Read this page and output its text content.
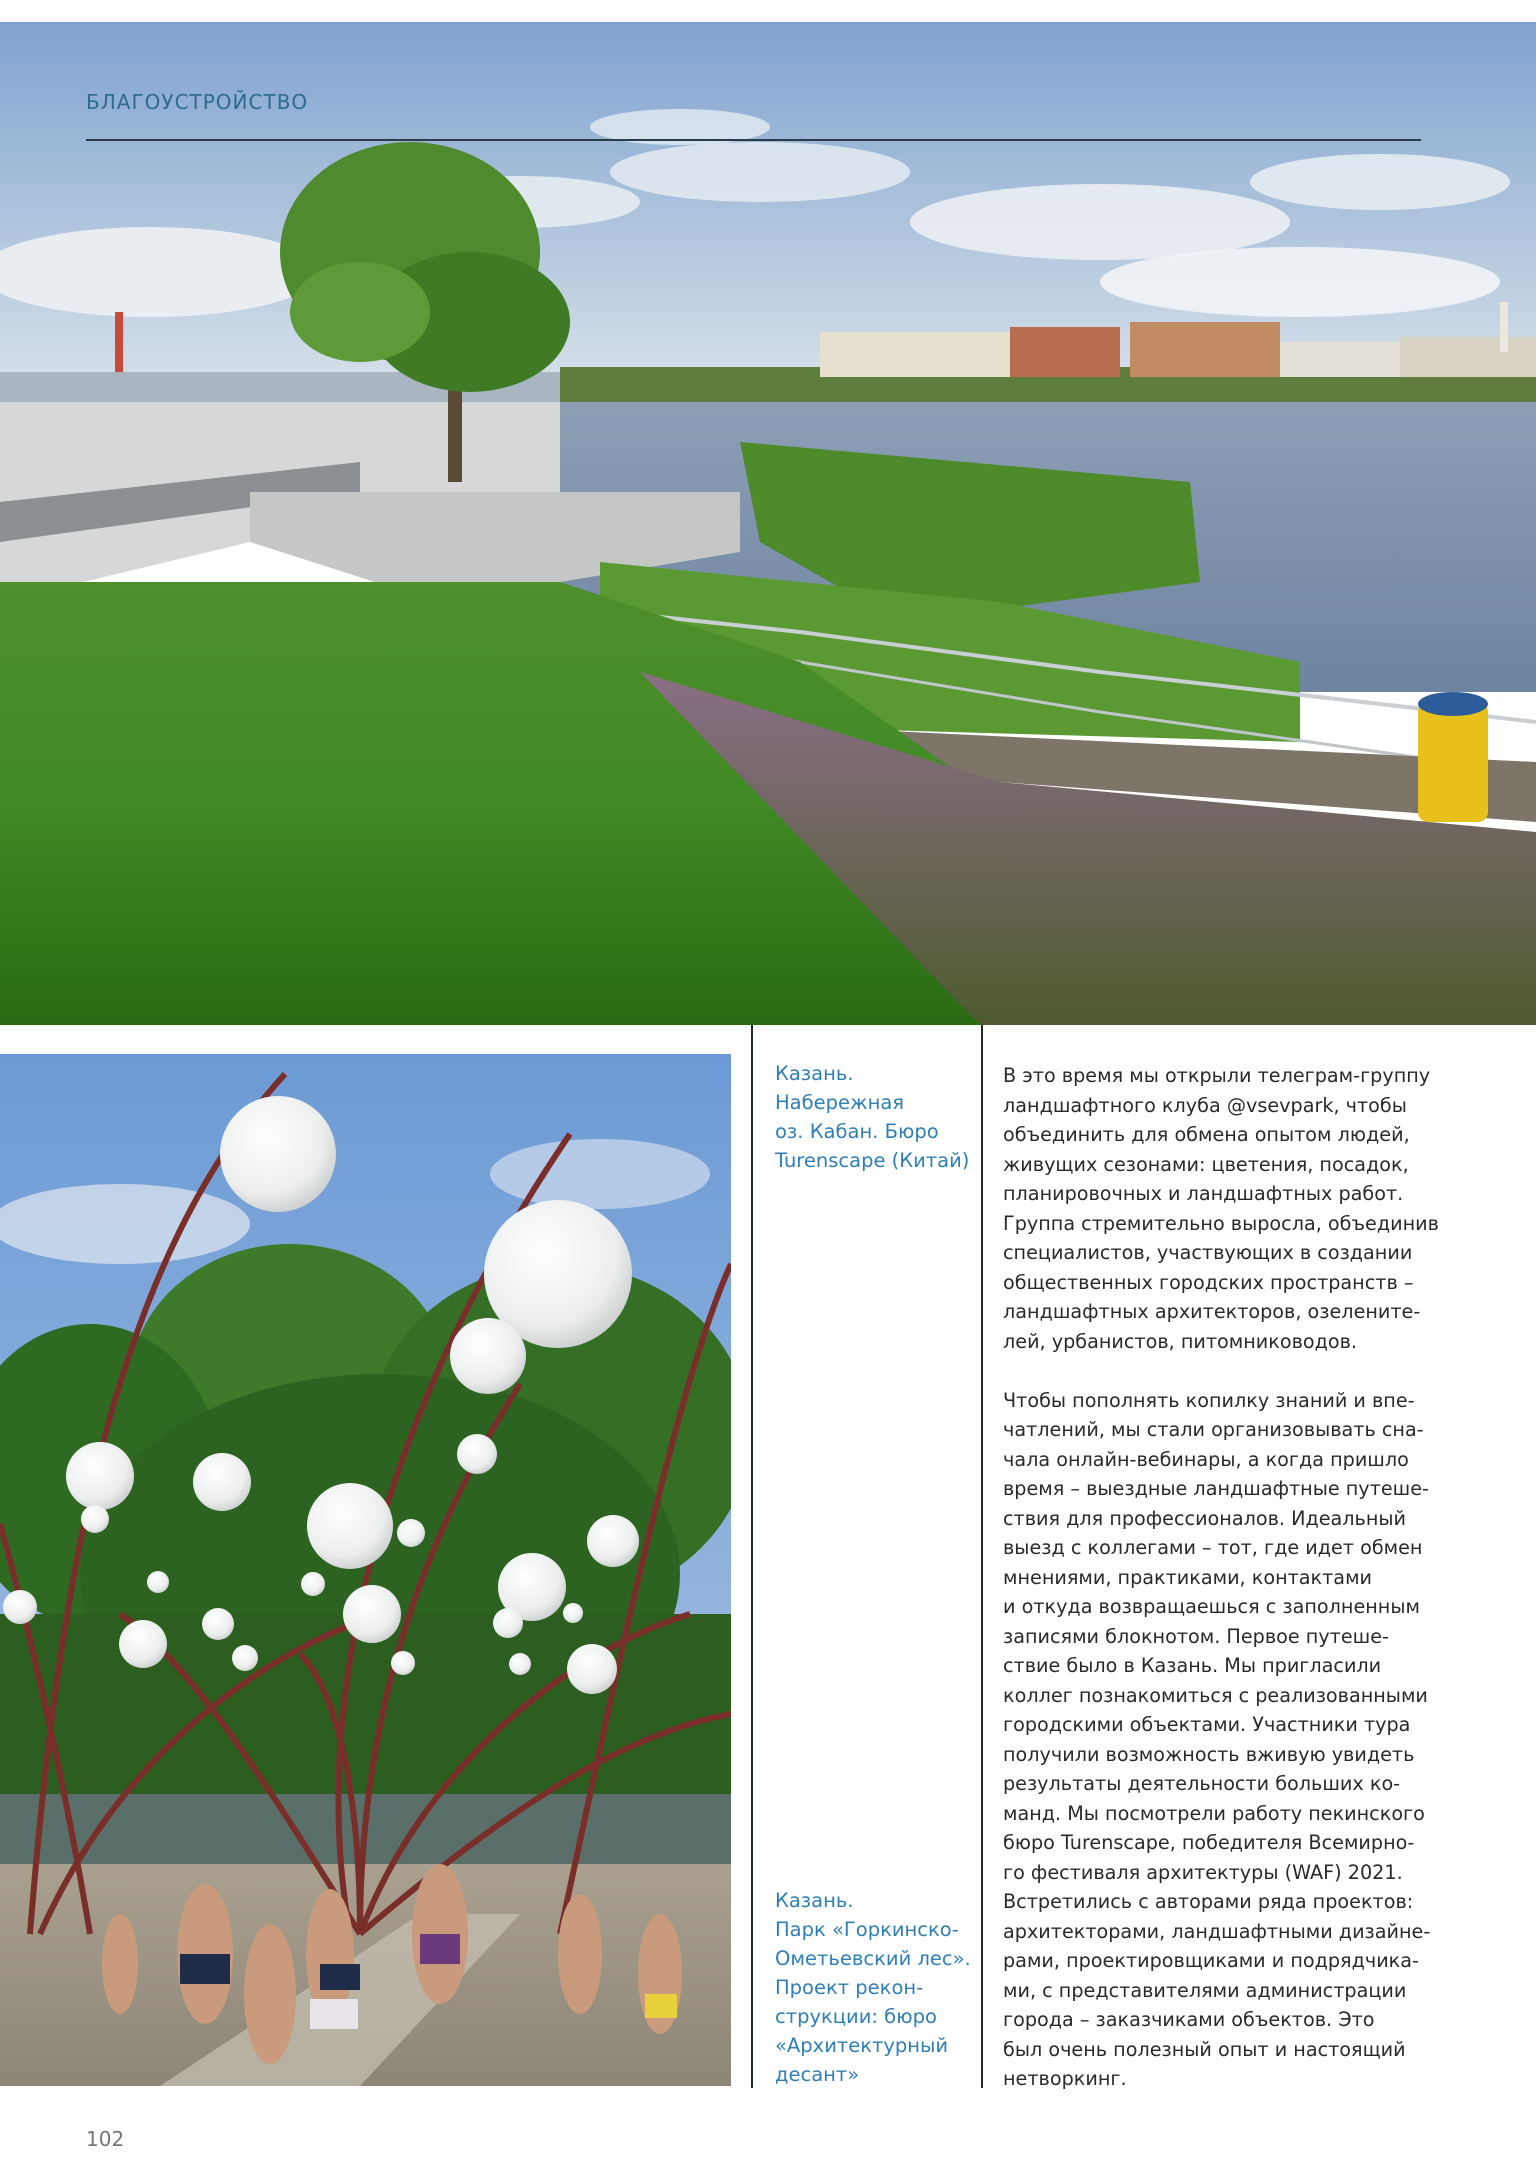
БЛАГОУСТРОЙСТВО

Казань.

Набережная

оз. Кабан. Бюро

Turenscape (Китай)

Казань.

Парк «Горкинско-

Ометьевский лес».

Проект рекон-

струкции: бюро

«Архитектурный

десант»

В это время мы открыли телеграм-группу

ландшафтного клуба @vsevpark, чтобы

объединить для обмена опытом людей,

живущих сезонами: цветения, посадок,

планировочных и ландшафтных работ.

Группа стремительно выросла, объединив

специалистов, участвующих в создании

общественных городских пространств –

ландшафтных архитекторов, озелените-

лей, урбанистов, питомниководов.

Чтобы пополнять копилку знаний и впе-

чатлений, мы стали организовывать сна-

чала онлайн-вебинары, а когда пришло

время – выездные ландшафтные путеше-

ствия для профессионалов. Идеальный

выезд с коллегами – тот, где идет обмен

мнениями, практиками, контактами

и откуда возвращаешься с заполненным

записями блокнотом. Первое путеше-

ствие было в Казань. Мы пригласили

коллег познакомиться с реализованными

городскими объектами. Участники тура

получили возможность вживую увидеть

результаты деятельности больших ко-

манд. Мы посмотрели работу пекинского

бюро Turenscape, победителя Всемирно-

го фестиваля архитектуры (WAF) 2021.

Встретились с авторами ряда проектов:

архитекторами, ландшафтными дизайне-

рами, проектировщиками и подрядчика-

ми, с представителями администрации

города – заказчиками объектов. Это

был очень полезный опыт и настоящий

нетворкинг.

102
